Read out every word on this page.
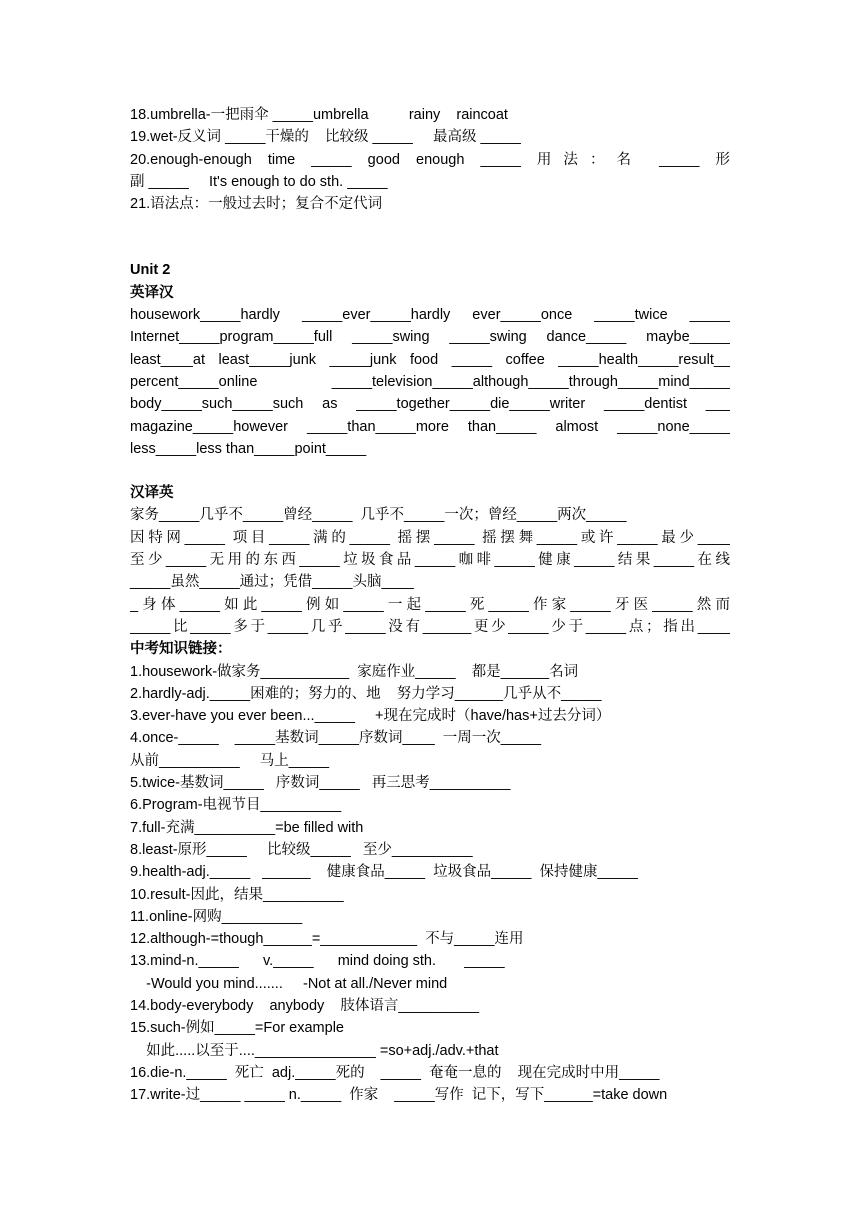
18.umbrella-一把雨伞 _____umbrella          rainy    raincoat
19.wet-反义词 _____干燥的    比较级 _____     最高级 _____
20.enough-enough time _____ good enough _____ 用法：名 _____ 形
副 _____     It's enough to do sth. _____
21.语法点：一般过去时；复合不定代词
Unit 2
英译汉
housework_____hardly _____ever_____hardly ever_____once _____twice _____
Internet_____program_____full _____swing _____swing dance_____ maybe_____
least____at least_____junk _____junk food _____ coffee _____health_____result__
percent_____online _____television_____although_____through_____mind_____
body_____such_____such as _____together_____die_____writer _____dentist ___
magazine_____however _____than_____more than_____ almost _____none_____
less_____less than_____point_____
汉译英
家务_____几乎不_____曾经_____  几乎不_____一次；曾经_____两次_____
因特网_____ 项目_____满的_____ 摇摆_____ 摇摆舞_____或许_____最少____
至少_____无用的东西_____垃圾食品_____咖啡_____健康_____结果_____在线
_____虽然_____通过；凭借_____头脑____
_身体_____如此_____例如_____一起_____死_____作家_____牙医_____然而
_____比_____多于_____几乎_____没有______更少_____少于_____点；指出____
中考知识链接：
1.housework-做家务___________  家庭作业_____    都是______名词
2.hardly-adj._____困难的；努力的、地    努力学习______几乎从不_____
3.ever-have you ever been..._____     +现在完成时（have/has+过去分词）
4.once-_____    _____基数词_____序数词____  一周一次_____
从前__________     马上_____
5.twice-基数词_____   序数词_____   再三思考__________
6.Program-电视节目__________
7.full-充满__________=be filled with
8.least-原形_____     比较级_____   至少__________
9.health-adj._____   ______    健康食品_____  垃圾食品_____  保持健康_____
10.result-因此，结果__________
11.online-网购__________
12.although-=though______=____________  不与_____连用
13.mind-n._____      v._____      mind doing sth.       _____
-Would you mind.......     -Not at all./Never mind
14.body-everybody    anybody    肢体语言__________
15.such-例如_____=For example
如此.....以至于...._______________ =so+adj./adv.+that
16.die-n._____  死亡  adj._____死的    _____  奄奄一息的    现在完成时中用_____
17.write-过_____ _____ n._____  作家    _____写作  记下，写下______=take down
